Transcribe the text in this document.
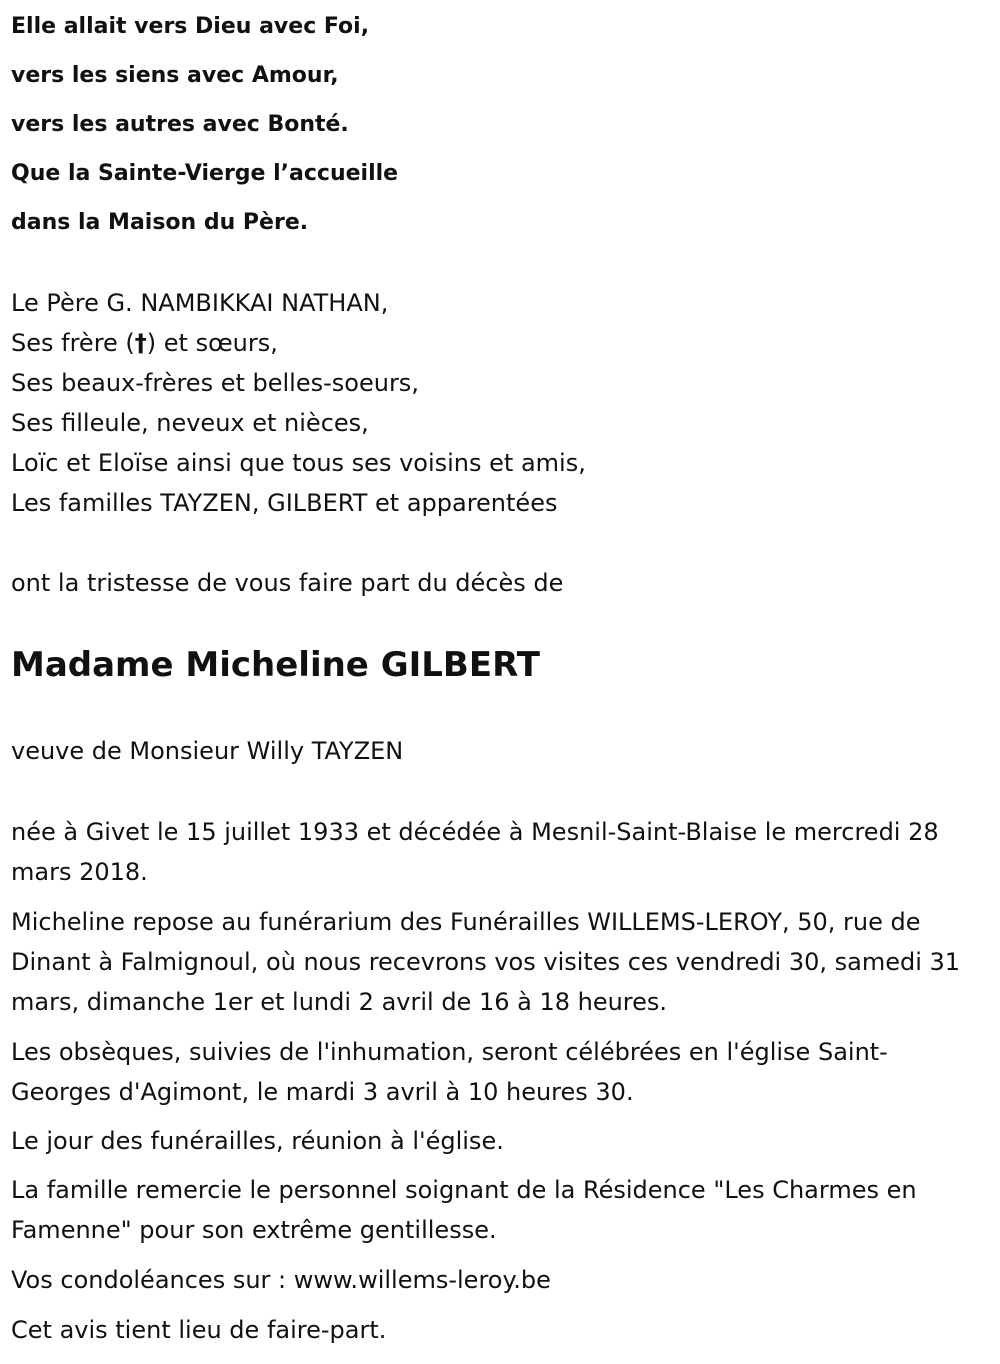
Elle allait vers Dieu avec Foi,
vers les siens avec Amour,
vers les autres avec Bonté.
Que la Sainte-Vierge l’accueille
dans la Maison du Père.
Le Père G. NAMBIKKAI NATHAN,
Ses frère (†) et sœurs,
Ses beaux-frères et belles-soeurs,
Ses filleule, neveux et nièces,
Loïc et Eloïse ainsi que tous ses voisins et amis,
Les familles TAYZEN, GILBERT et apparentées
ont la tristesse de vous faire part du décès de
Madame Micheline GILBERT
veuve de Monsieur Willy TAYZEN
née à Givet le 15 juillet 1933 et décédée à Mesnil-Saint-Blaise le mercredi 28 mars 2018.
Micheline repose au funérarium des Funérailles WILLEMS-LEROY, 50, rue de Dinant à Falmignoul, où nous recevrons vos visites ces vendredi 30, samedi 31 mars, dimanche 1er et lundi 2 avril de 16 à 18 heures.
Les obsèques, suivies de l'inhumation, seront célébrées en l'église Saint-Georges d'Agimont, le mardi 3 avril à 10 heures 30.
Le jour des funérailles, réunion à l'église.
La famille remercie le personnel soignant de la Résidence "Les Charmes en Famenne" pour son extrême gentillesse.
Vos condoléances sur : www.willems-leroy.be
Cet avis tient lieu de faire-part.
